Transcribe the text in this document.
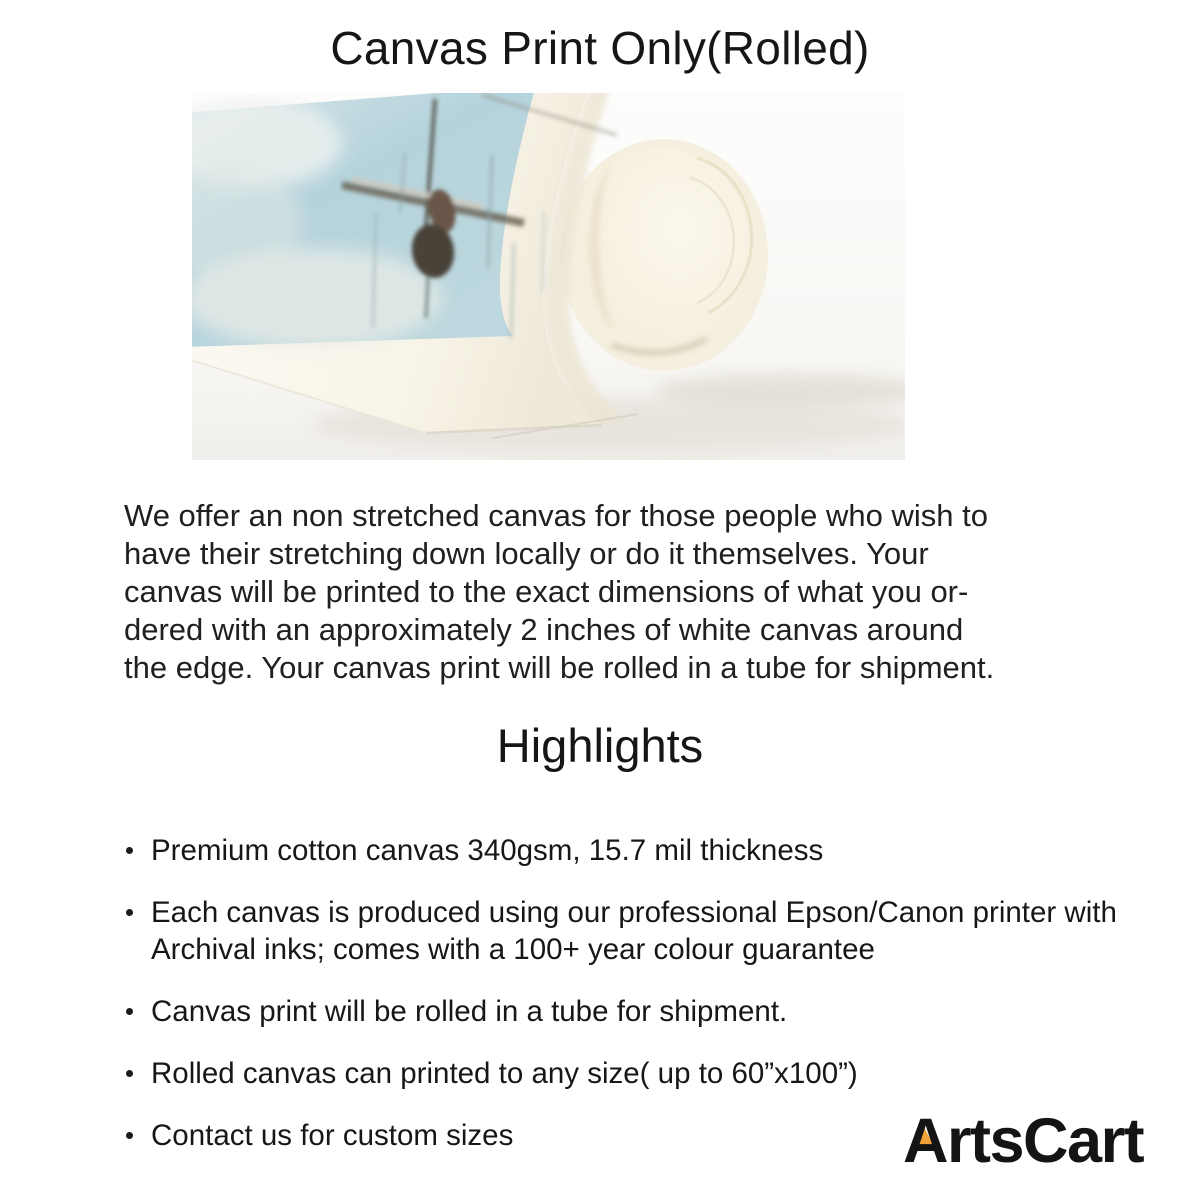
Canvas Print Only(Rolled)
We offer an non stretched canvas for those people who wish to
have their stretching down locally or do it themselves. Your
canvas will be printed to the exact dimensions of what you or-
dered with an approximately 2 inches of white canvas around
the edge. Your canvas print will be rolled in a tube for shipment.
Highlights
Premium cotton canvas 340gsm, 15.7 mil thickness
Each canvas is produced using our professional Epson/Canon printer with Archival inks; comes with a 100+ year colour guarantee
Canvas print will be rolled in a tube for shipment.
Rolled canvas can printed to any size( up to 60”x100”)
Contact us for custom sizes	ArtsCart
